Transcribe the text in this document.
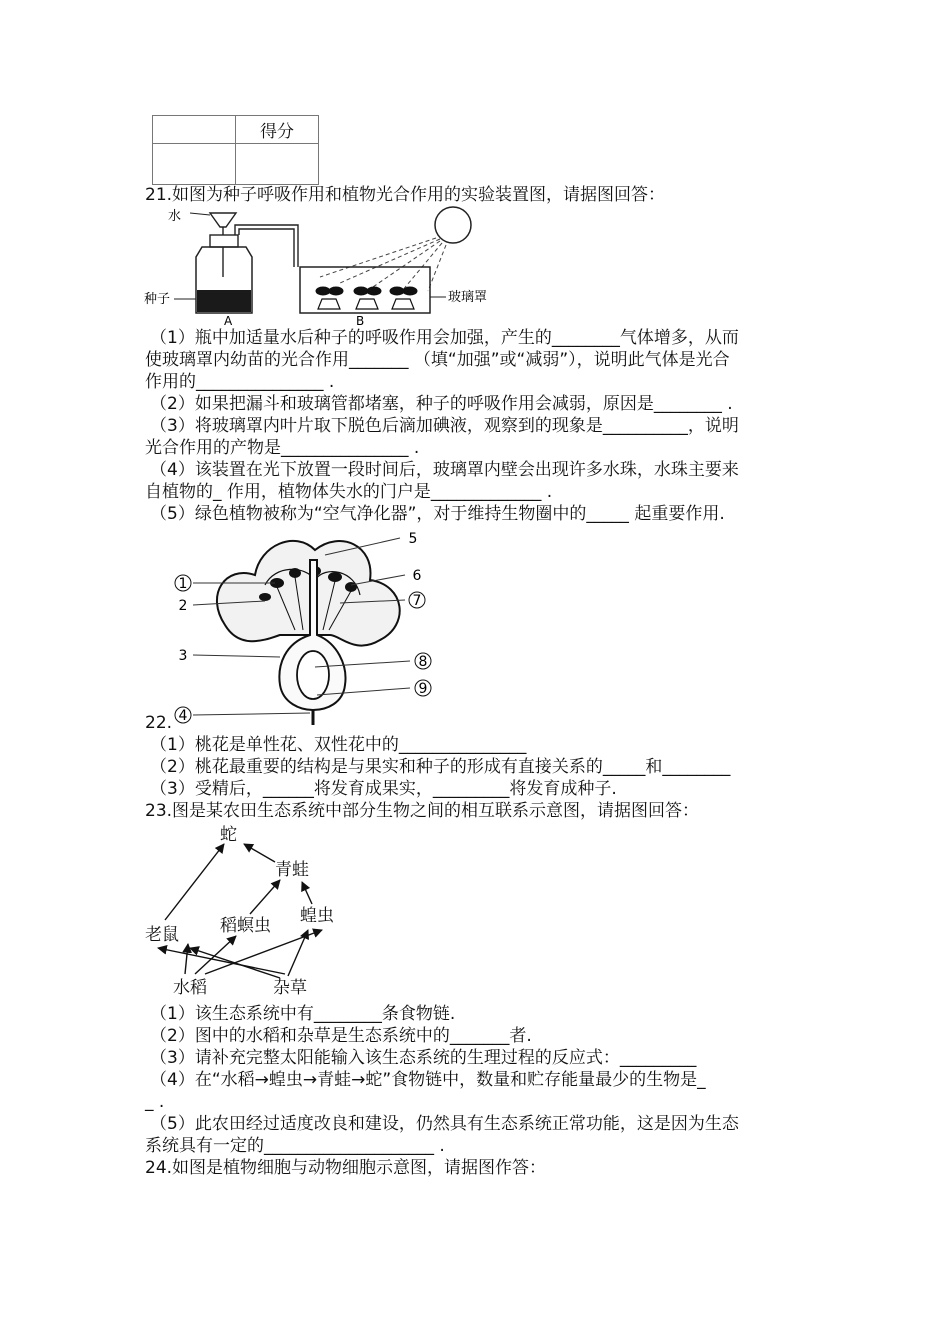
	得分

21.如图为种子呼吸作用和植物光合作用的实验装置图，请据图回答：
水
种子
A	B
玻璃罩
（1）瓶中加适量水后种子的呼吸作用会加强，产生的________气体增多，从而
使玻璃罩内幼苗的光合作用_______ （填“加强”或“减弱”），说明此气体是光合
作用的_______________ .
（2）如果把漏斗和玻璃管都堵塞，种子的呼吸作用会减弱，原因是________ .
（3）将玻璃罩内叶片取下脱色后滴加碘液，观察到的现象是__________，说明
光合作用的产物是_______________ .
（4）该装置在光下放置一段时间后，玻璃罩内壁会出现许多水珠，水珠主要来
自植物的_ 作用，植物体失水的门户是_____________ .
（5）绿色植物被称为“空气净化器”，对于维持生物圈中的_____ 起重要作用.
1
2
3
4
5
6
7
8
9
22.
（1）桃花是单性花、双性花中的_______________
（2）桃花最重要的结构是与果实和种子的形成有直接关系的_____和________
（3）受精后，______将发育成果实，_________将发育成种子.
23.图是某农田生态系统中部分生物之间的相互联系示意图，请据图回答：
蛇
青蛙
稻螟虫 蝗虫
老鼠
水稻	杂草
（1）该生态系统中有________条食物链.
（2）图中的水稻和杂草是生态系统中的_______者.
（3）请补充完整太阳能输入该生态系统的生理过程的反应式：_________
（4）在“水稻→蝗虫→青蛙→蛇”食物链中，数量和贮存能量最少的生物是_
_ .
（5）此农田经过适度改良和建设，仍然具有生态系统正常功能，这是因为生态
系统具有一定的____________________ .
24.如图是植物细胞与动物细胞示意图，请据图作答：
